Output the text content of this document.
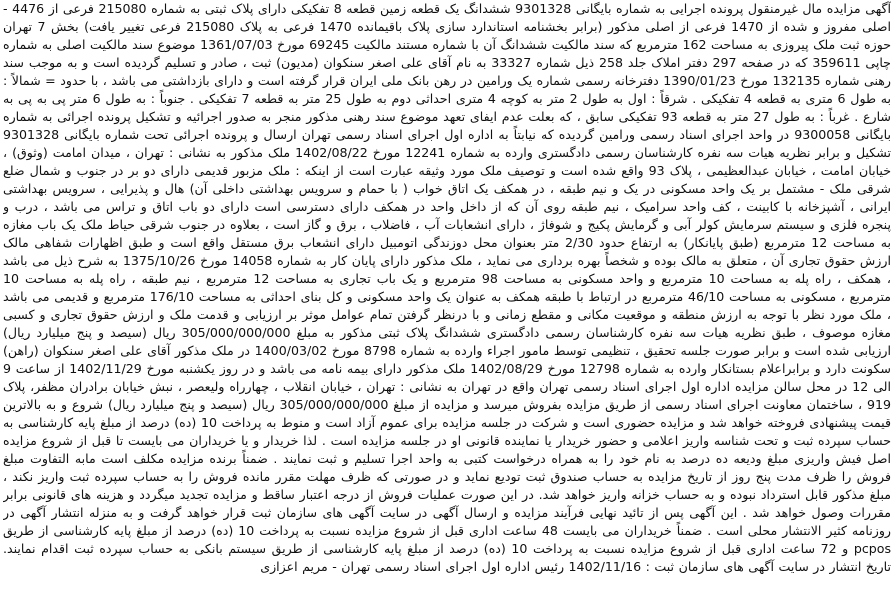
آگهی مزایده مال غیرمنقول پرونده اجرایی به شماره بایگانی 9301328 ششدانگ یک قطعه زمین قطعه 8 تفکیکی دارای پلاک ثبتی به شماره 215080 فرعی از 4476 - اصلی مفروز و شده از 1470 فرعی از اصلی مذکور (برابر بخشنامه استاندارد سازی پلاک باقیمانده 1470 فرعی به پلاک 215080 فرعی تغییر یافت) بخش 7 تهران حوزه ثبت ملک پیروزی به مساحت 162 مترمربع که سند مالکیت ششدانگ آن با شماره مستند مالکیت 69245 مورخ 1361/07/03 موضوع سند مالکیت اصلی به شماره چاپی 359611 که در صفحه 297 دفتر املاک جلد 258 ذیل شماره 33327 به نام آقای علی اصغر سنکوان (مدیون) ثبت ، صادر و تسلیم گردیده است و به موجب سند رهنی شماره 132135 مورخ 1390/01/23 دفترخانه رسمی شماره یک ورامین در رهن بانک ملی ایران قرار گرفته است و دارای بازداشتی می باشد ، با حدود = شمالاً : به طول 6 متری به قطعه 4 تفکیکی . شرقاً : اول به طول 2 متر به کوچه 4 متری احداثی دوم به طول 25 متر به قطعه 7 تفکیکی . جنوباً : به طول 6 متر پی به پی به شارع . غرباً : به طول 27 متر به قطعه 93 تفکیکی سابق ، که بعلت عدم ایفای تعهد موضوع سند رهنی مذکور منجر به صدور اجرائیه و تشکیل پرونده اجرائی به شماره بایگانی 9300058 در واحد اجرای اسناد رسمی ورامین گردیده که نیابتاً به اداره اول اجرای اسناد رسمی تهران ارسال و پرونده اجرائی تحت شماره بایگانی 9301328 تشکیل و برابر نظریه هیات سه نفره کارشناسان رسمی دادگستری وارده به شماره 12241 مورخ 1402/08/22 ملک مذکور به نشانی : تهران ، میدان امامت (وثوق) ، خیابان امامت ، خیابان عبدالعظیمی ، پلاک 93 واقع شده است و توصیف ملک مورد وثیقه عبارت است از اینکه : ملک مزبور قدیمی دارای دو بر در جنوب و شمال ضلع شرقی ملک - مشتمل بر یک واحد مسکونی در یک و نیم طبقه ، در همکف یک اتاق خواب ( با حمام و سرویس بهداشتی داخلی آن) هال و پذیرایی ، سرویس بهداشتی ایرانی ، آشپزخانه با کابینت ، کف واحد سرامیک ، نیم طبقه روی آن که از داخل واحد در همکف دارای دسترسی است دارای دو باب اتاق و تراس می باشد ، درب و پنجره فلزی و سیستم سرمایش کولر آبی و گرمایش پکیج و شوفاژ ، دارای انشعابات آب ، فاضلاب ، برق و گاز است ، بعلاوه در جنوب شرقی حیاط ملک یک باب مغازه به مساحت 12 مترمربع (طبق پایانکار) به ارتفاع حدود 2/30 متر بعنوان محل دوزندگی اتومبیل دارای انشعاب برق مستقل واقع است و طبق اظهارات شفاهی مالک ارزش حقوق تجاری آن ، متعلق به مالک بوده و شخصاً بهره برداری می نماید ، ملک مذکور دارای پایان کار به شماره 14058 مورخ 1375/10/26 به شرح ذیل می باشد ، همکف ، راه پله به مساحت 10 مترمربع و واحد مسکونی به مساحت 98 مترمربع و یک باب تجاری به مساحت 12 مترمربع ، نیم طبقه ، راه پله به مساحت 10 مترمربع ، مسکونی به مساحت 46/10 مترمربع در ارتباط با طبقه همکف به عنوان یک واحد مسکونی و کل بنای احداثی به مساحت 176/10 مترمربع و قدیمی می باشد ، ملک مورد نظر با توجه به ارزش منطقه و موقعیت مکانی و مقطع زمانی و با درنظر گرفتن تمام عوامل موثر بر ارزیابی و قدمت ملک و ارزش حقوق تجاری و کسبی مغازه موصوف ، طبق نظریه هیات سه نفره کارشناسان رسمی دادگستری ششدانگ پلاک ثبتی مذکور به مبلغ 305/000/000/000 ریال (سیصد و پنج میلیارد ریال) ارزیابی شده است و برابر صورت جلسه تحقیق ، تنظیمی توسط مامور اجراء وارده به شماره 8798 مورخ 1400/03/02 در ملک مذکور آقای علی اصغر سنکوان (راهن) سکونت دارد و برابراعلام بستانکار وارده به شماره 12798 مورخ 1402/08/29 ملک مذکور دارای بیمه نامه می باشد و در روز یکشنبه مورخ 1402/11/29 از ساعت 9 الی 12 در محل سالن مزایده اداره اول اجرای اسناد رسمی تهران واقع در تهران به نشانی : تهران ، خیابان انقلاب ، چهارراه ولیعصر ، نبش خیابان برادران مظفر، پلاک 919 ، ساختمان معاونت اجرای اسناد رسمی از طریق مزایده بفروش میرسد و مزایده از مبلغ 305/000/000/000 ریال (سیصد و پنج میلیارد ریال) شروع و به بالاترین قیمت پیشنهادی فروخته خواهد شد و مزایده حضوری است و شرکت در جلسه مزایده برای عموم آزاد است و منوط به پرداخت 10 (ده) درصد از مبلغ پایه کارشناسی به حساب سپرده ثبت و تحت شناسه واریز اعلامی و حضور خریدار یا نماینده قانونی او در جلسه مزایده است . لذا خریدار و یا خریداران می بایست تا قبل از شروع مزایده اصل فیش واریزی مبلغ ودیعه ده درصد به نام خود را به همراه درخواست کتبی به واحد اجرا تسلیم و ثبت نمایند . ضمناً برنده مزایده مکلف است مابه التفاوت مبلغ فروش را ظرف مدت پنج روز از تاریخ مزایده به حساب صندوق ثبت تودیع نماید و در صورتی که ظرف مهلت مقرر مانده فروش را به حساب سپرده ثبت واریز نکند ، مبلغ مذکور قابل استرداد نبوده و به حساب خزانه واریز خواهد شد. در این صورت عملیات فروش از درجه اعتبار ساقط و مزایده تجدید میگردد و هزینه های قانونی برابر مقررات وصول خواهد شد . این آگهی پس از تائید نهایی فرآیند مزایده و ارسال آگهی در سایت آگهی های سازمان ثبت قرار خواهد گرفت و به منزله انتشار آگهی در روزنامه کثیر الانتشار محلی است . ضمناً خریداران می بایست 48 ساعت اداری قبل از شروع مزایده نسبت به پرداخت 10 (ده) درصد از مبلغ پایه کارشناسی از طریق pcpos و 72 ساعت اداری قبل از شروع مزایده نسبت به پرداخت 10 (ده) درصد از مبلغ پایه کارشناسی از طریق سیستم بانکی به حساب سپرده ثبت اقدام نمایند. تاریخ انتشار در سایت آگهی های سازمان ثبت : 1402/11/16 رئیس اداره اول اجرای اسناد رسمی تهران - مریم اعزازی
